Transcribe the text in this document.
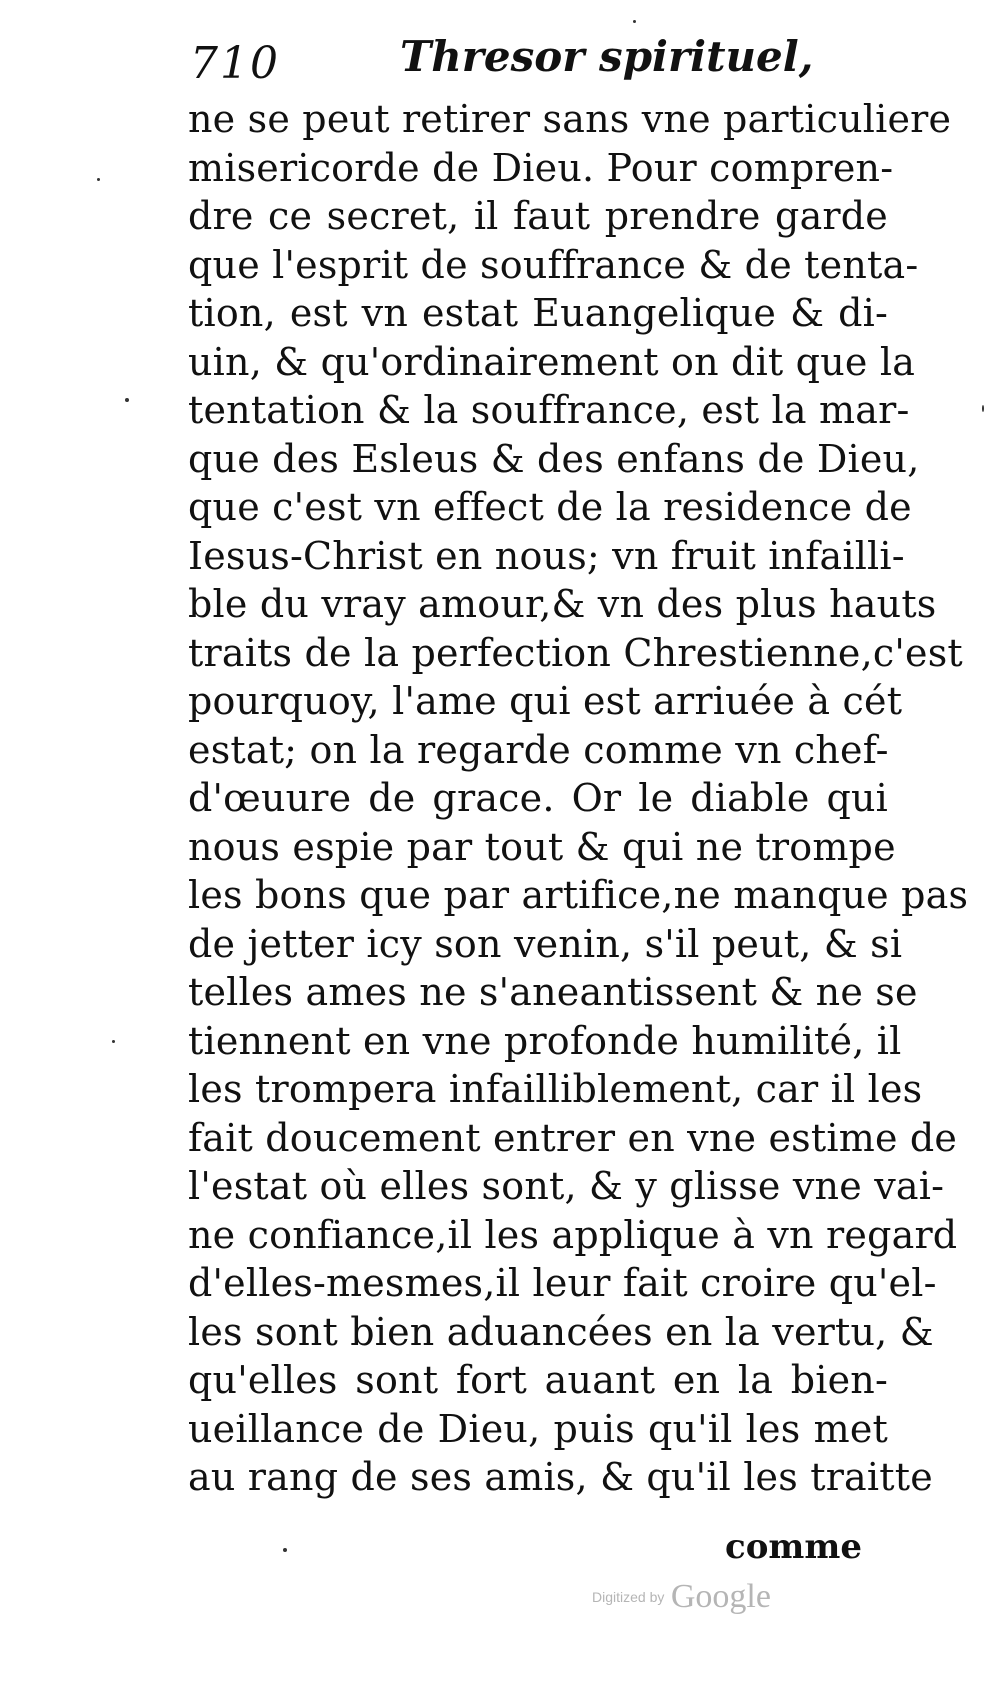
710	Thresor spirituel,
ne se peut retirer sans vne particuliere
misericorde de Dieu. Pour compren-
dre ce secret, il faut prendre garde
que l'esprit de souffrance & de tenta-
tion, est vn estat Euangelique & di-
uin, & qu'ordinairement on dit que la
tentation & la souffrance, est la mar-
que des Esleus & des enfans de Dieu,
que c'est vn effect de la residence de
Iesus-Christ en nous; vn fruit infailli-
ble du vray amour,& vn des plus hauts
traits de la perfection Chrestienne,c'est
pourquoy, l'ame qui est arriuée à cét
estat; on la regarde comme vn chef-
d'œuure de grace. Or le diable qui
nous espie par tout & qui ne trompe
les bons que par artifice,ne manque pas
de jetter icy son venin, s'il peut, & si
telles ames ne s'aneantissent & ne se
tiennent en vne profonde humilité, il
les trompera infailliblement, car il les
fait doucement entrer en vne estime de
l'estat où elles sont, & y glisse vne vai-
ne confiance,il les applique à vn regard
d'elles-mesmes,il leur fait croire qu'el-
les sont bien aduancées en la vertu, &
qu'elles sont fort auant en la bien-
ueillance de Dieu, puis qu'il les met
au rang de ses amis, & qu'il les traitte
comme
Digitized by Google
